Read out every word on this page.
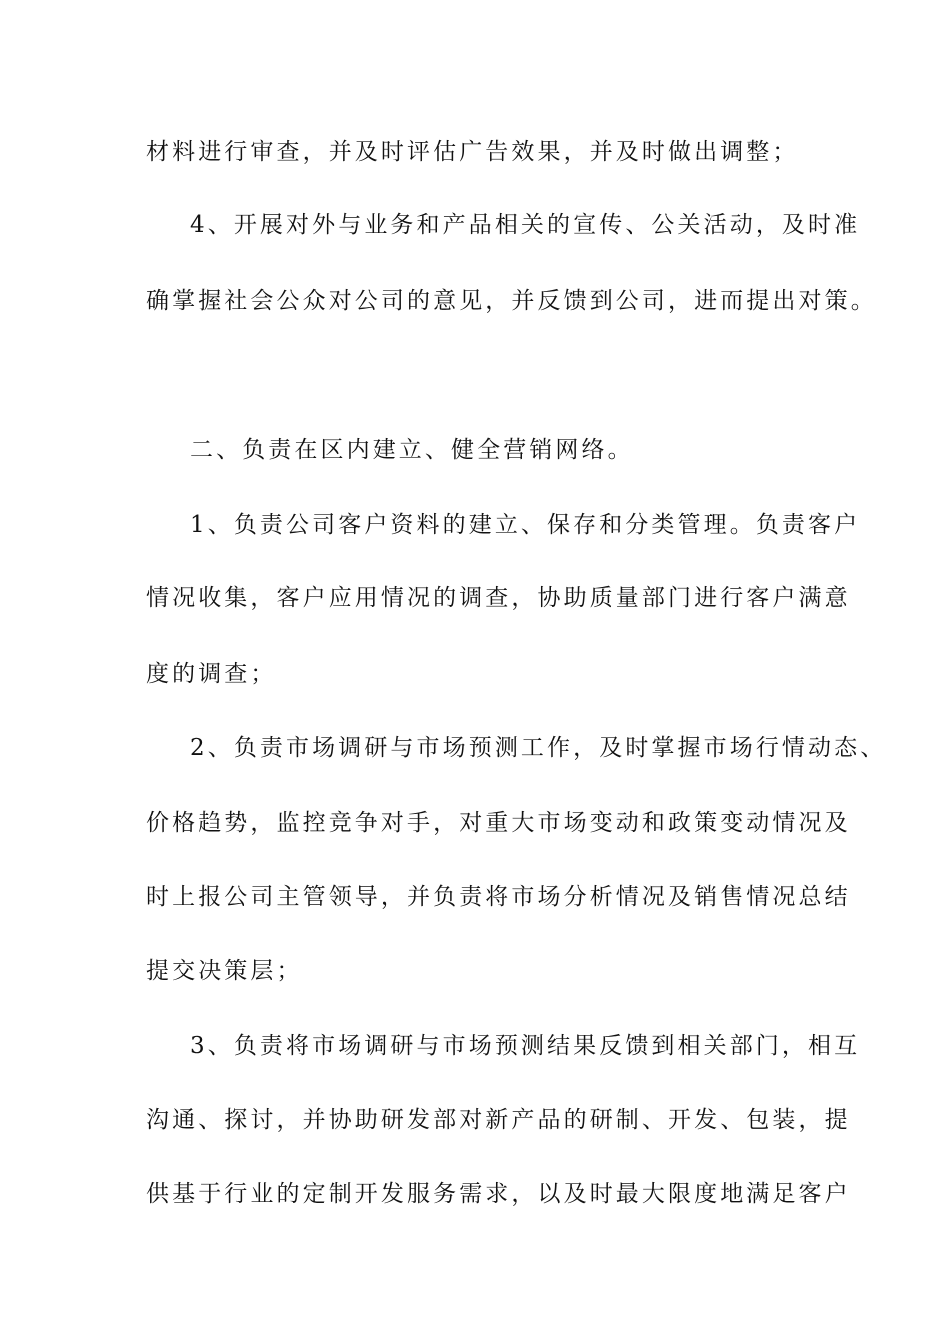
材料进行审查，并及时评估广告效果，并及时做出调整；
4、开展对外与业务和产品相关的宣传、公关活动，及时准
确掌握社会公众对公司的意见，并反馈到公司，进而提出对策。
二、负责在区内建立、健全营销网络。
1、负责公司客户资料的建立、保存和分类管理。负责客户
情况收集，客户应用情况的调查，协助质量部门进行客户满意
度的调查；
2、负责市场调研与市场预测工作，及时掌握市场行情动态、
价格趋势，监控竞争对手，对重大市场变动和政策变动情况及
时上报公司主管领导，并负责将市场分析情况及销售情况总结
提交决策层；
3、负责将市场调研与市场预测结果反馈到相关部门，相互
沟通、探讨，并协助研发部对新产品的研制、开发、包装，提
供基于行业的定制开发服务需求，以及时最大限度地满足客户
